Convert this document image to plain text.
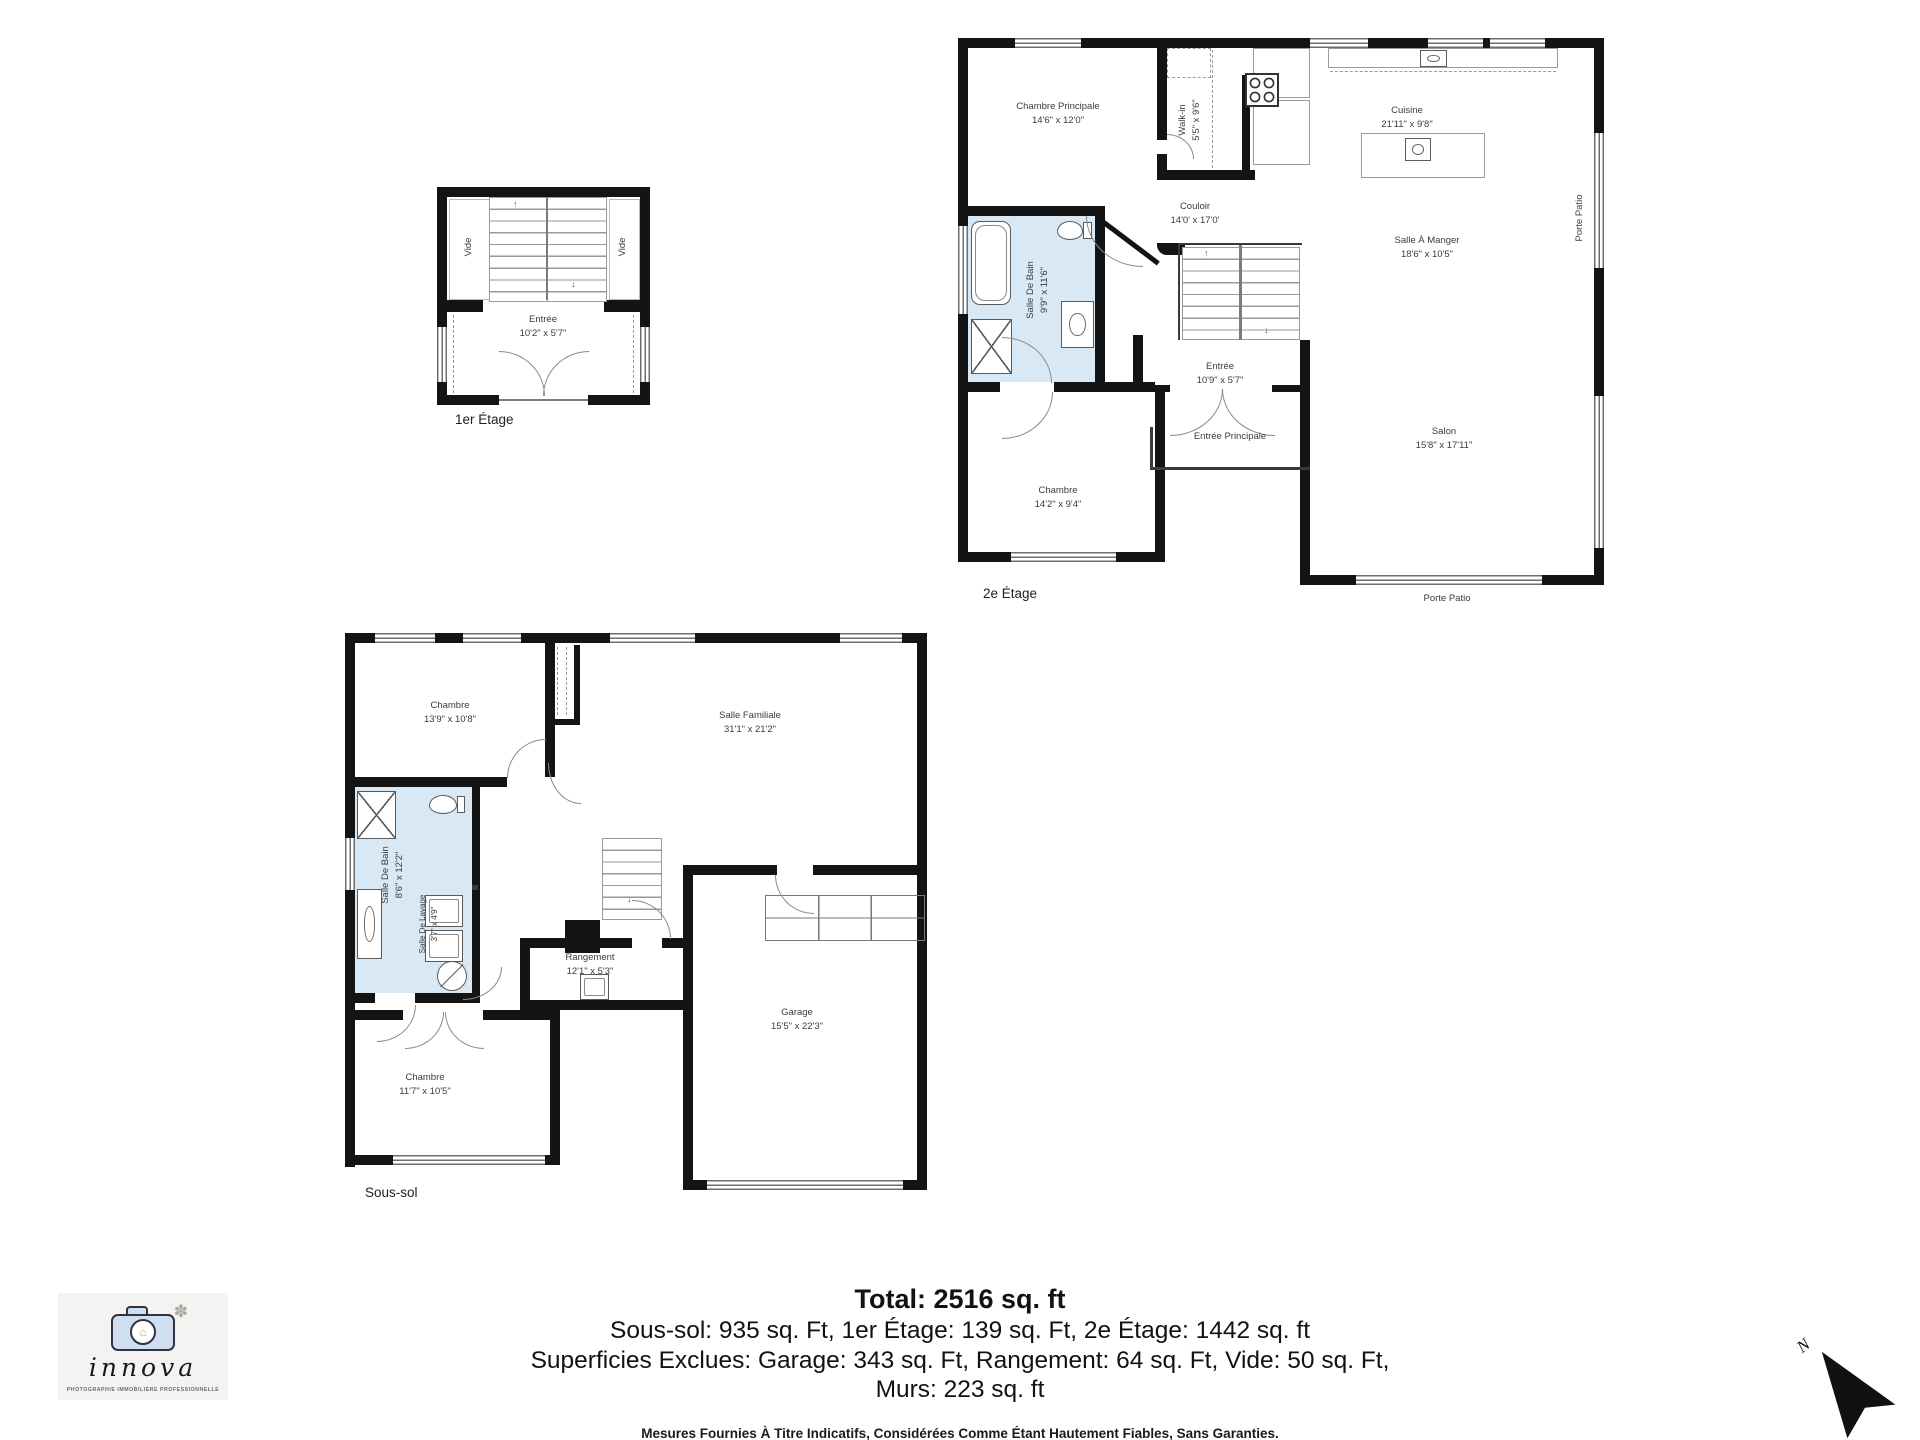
↑
↓
Vide	Vide
Entrée
10'2" x 5'7"
1er Étage
↑
↓
Chambre Principale
14'6" x 12'0"	Walk-in 5'5" x 9'6"	Cuisine
21'11" x 9'8"
Couloir
14'0' x 17'0'
Salle À Manger
18'6" x 10'5"
Salle De Bain 9'9" x 11'6"
Entrée
10'9" x 5'7"
Entrée Principale
Chambre
14'2" x 9'4"
Salon
15'8" x 17'11"
Porte Patio
Porte Patio
2e Étage
↓
Chambre
13'9" x 10'8"	Salle Familiale
31'1" x 21'2"
Salle De Bain 8'6" x 12'2"
Salle De Lavage 3'7" x 4'9"
Rangement
12'1" x 5'3"
Garage
15'5" x 22'3"
Chambre
11'7" x 10'5"
Sous-sol
Total: 2516 sq. ft
Sous-sol: 935 sq. Ft, 1er Étage: 139 sq. Ft, 2e Étage: 1442 sq. ft
Superficies Exclues: Garage: 343 sq. Ft, Rangement: 64 sq. Ft, Vide: 50 sq. Ft,
Murs: 223 sq. ft
Mesures Fournies À Titre Indicatifs, Considérées Comme Étant Hautement Fiables, Sans Garanties.
⌂
✽
innova
PHOTOGRAPHIE IMMOBILIÈRE PROFESSIONNELLE
N
